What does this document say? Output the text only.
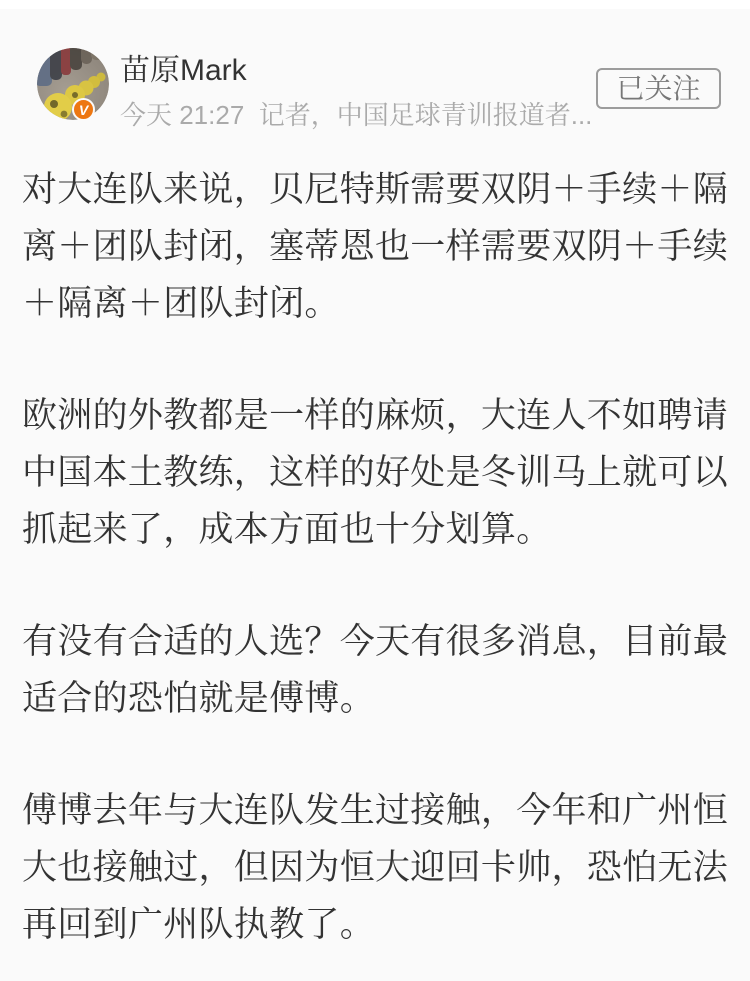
V
苗原Mark
今天 21:27  记者，中国足球青训报道者...
已关注

对大连队来说，贝尼特斯需要双阴＋手续＋隔离＋团队封闭，塞蒂恩也一样需要双阴＋手续＋隔离＋团队封闭。

欧洲的外教都是一样的麻烦，大连人不如聘请中国本土教练，这样的好处是冬训马上就可以抓起来了，成本方面也十分划算。

有没有合适的人选？今天有很多消息，目前最适合的恐怕就是傅博。

傅博去年与大连队发生过接触，今年和广州恒大也接触过，但因为恒大迎回卡帅，恐怕无法再回到广州队执教了。
